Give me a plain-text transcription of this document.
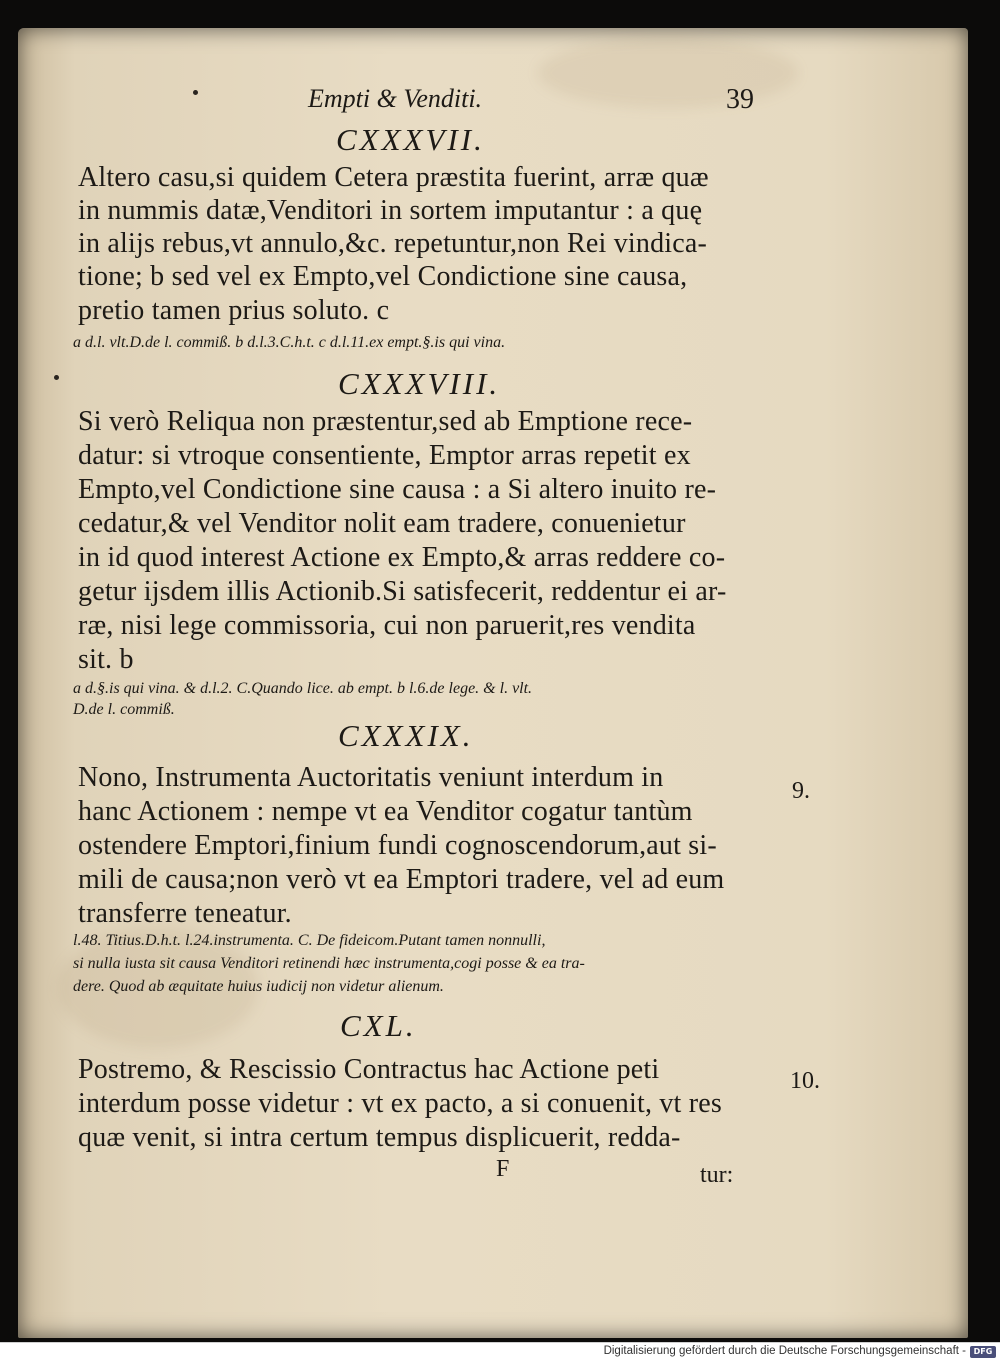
Empti & Venditi.	39
CXXXVII.
Altero casu,si quidem Cetera præstita fuerint, arræ quæ
in nummis datæ,Venditori in sortem imputantur : a quę
in alijs rebus,vt annulo,&c. repetuntur,non Rei vindica-
tione; b sed vel ex Empto,vel Condictione sine causa,
pretio tamen prius soluto. c
a d.l. vlt.D.de l. commiß. b d.l.3.C.h.t. c d.l.11.ex empt.§.is qui vina.
CXXXVIII.
Si verò Reliqua non præstentur,sed ab Emptione rece-
datur: si vtroque consentiente, Emptor arras repetit ex
Empto,vel Condictione sine causa : a Si altero inuito re-
cedatur,& vel Venditor nolit eam tradere, conuenietur
in id quod interest Actione ex Empto,& arras reddere co-
getur ijsdem illis Actionib.Si satisfecerit, reddentur ei ar-
ræ, nisi lege commissoria, cui non paruerit,res vendita
sit. b
a d.§.is qui vina. & d.l.2. C.Quando lice. ab empt. b l.6.de lege. & l. vlt.
D.de l. commiß.
CXXXIX.
9.
Nono, Instrumenta Auctoritatis veniunt interdum in
hanc Actionem : nempe vt ea Venditor cogatur tantùm
ostendere Emptori,finium fundi cognoscendorum,aut si-
mili de causa;non verò vt ea Emptori tradere, vel ad eum
transferre teneatur.
l.48. Titius.D.h.t. l.24.instrumenta. C. De fideicom.Putant tamen nonnulli,
si nulla iusta sit causa Venditori retinendi hæc instrumenta,cogi posse & ea tra-
dere. Quod ab æquitate huius iudicij non videtur alienum.
CXL.
10.
Postremo, & Rescissio Contractus hac Actione peti
interdum posse videtur : vt ex pacto, a si conuenit, vt res
quæ venit, si intra certum tempus displicuerit, redda-
F	tur:
Digitalisierung gefördert durch die Deutsche Forschungsgemeinschaft - DFG
